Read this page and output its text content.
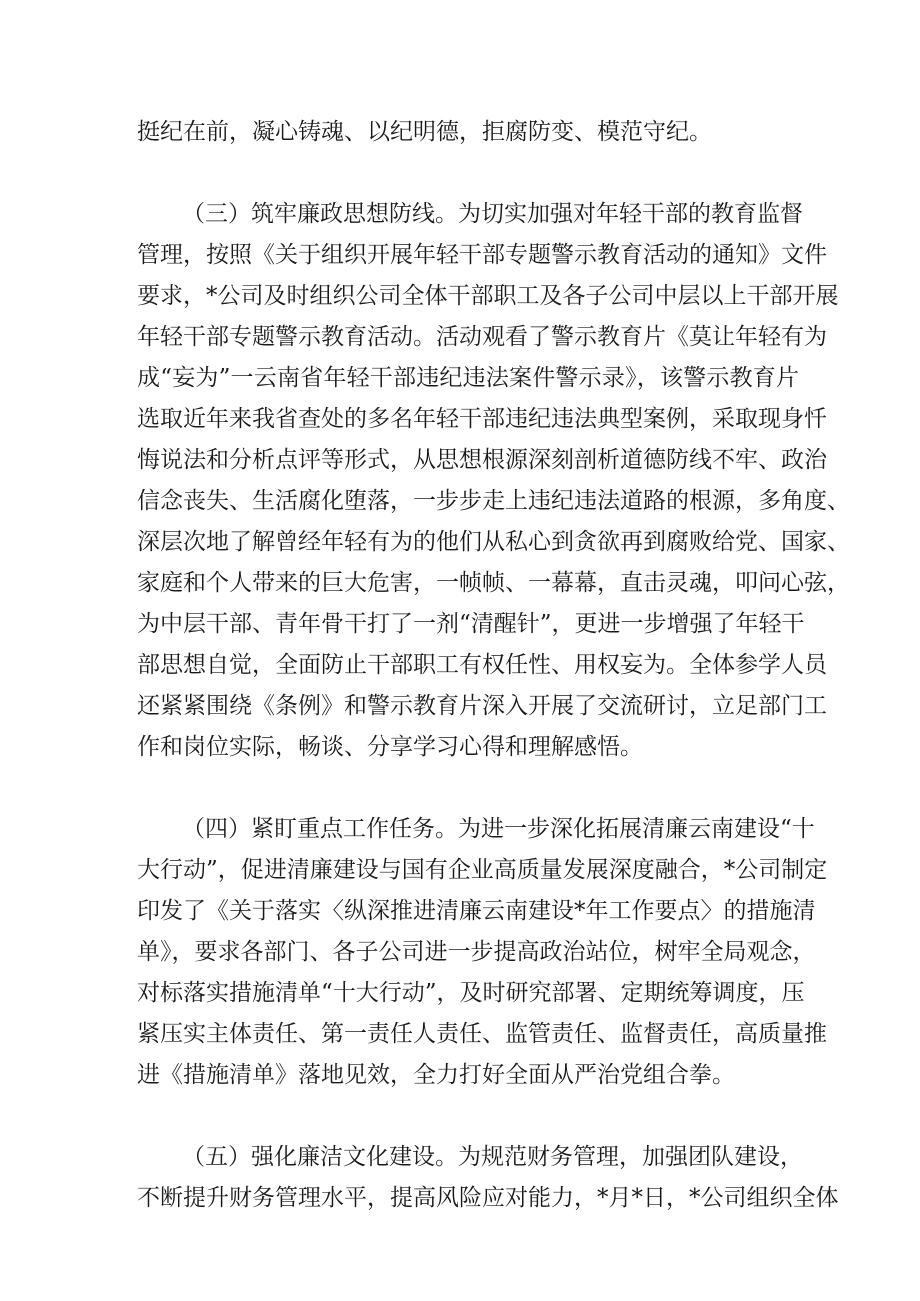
挺纪在前，凝心铸魂、以纪明德，拒腐防变、模范守纪。
（三）筑牢廉政思想防线。为切实加强对年轻干部的教育监督
管理，按照《关于组织开展年轻干部专题警示教育活动的通知》文件
要求，*公司及时组织公司全体干部职工及各子公司中层以上干部开展
年轻干部专题警示教育活动。活动观看了警示教育片《莫让年轻有为
成“妄为”一云南省年轻干部违纪违法案件警示录》，该警示教育片
选取近年来我省查处的多名年轻干部违纪违法典型案例，采取现身忏
悔说法和分析点评等形式，从思想根源深刻剖析道德防线不牢、政治
信念丧失、生活腐化堕落，一步步走上违纪违法道路的根源，多角度、
深层次地了解曾经年轻有为的他们从私心到贪欲再到腐败给党、国家、
家庭和个人带来的巨大危害，一帧帧、一幕幕，直击灵魂，叩问心弦，
为中层干部、青年骨干打了一剂“清醒针”，更进一步增强了年轻干
部思想自觉，全面防止干部职工有权任性、用权妄为。全体参学人员
还紧紧围绕《条例》和警示教育片深入开展了交流研讨，立足部门工
作和岗位实际，畅谈、分享学习心得和理解感悟。
（四）紧盯重点工作任务。为进一步深化拓展清廉云南建设“十
大行动”，促进清廉建设与国有企业高质量发展深度融合，*公司制定
印发了《关于落实〈纵深推进清廉云南建设*年工作要点〉的措施清
单》，要求各部门、各子公司进一步提高政治站位，树牢全局观念，
对标落实措施清单“十大行动”，及时研究部署、定期统筹调度，压
紧压实主体责任、第一责任人责任、监管责任、监督责任，高质量推
进《措施清单》落地见效，全力打好全面从严治党组合拳。
（五）强化廉洁文化建设。为规范财务管理，加强团队建设，
不断提升财务管理水平，提高风险应对能力，*月*日，*公司组织全体
